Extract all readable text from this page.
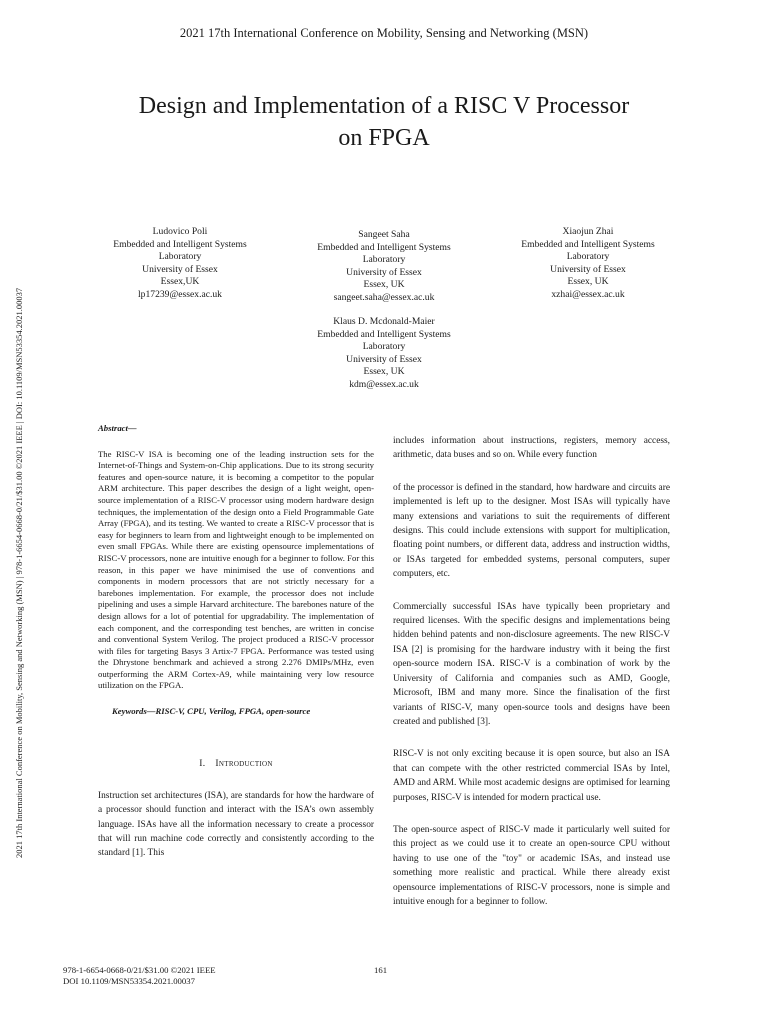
2021 17th International Conference on Mobility, Sensing and Networking (MSN)
Design and Implementation of a RISC V Processor
on FPGA
2021 17th International Conference on Mobility, Sensing and Networking (MSN) | 978-1-6654-0668-0/21/$31.00 ©2021 IEEE | DOI: 10.1109/MSN53354.2021.00037
Ludovico Poli
Embedded and Intelligent Systems
Laboratory
University of Essex
Essex,UK
lp17239@essex.ac.uk
Sangeet Saha
Embedded and Intelligent Systems
Laboratory
University of Essex
Essex, UK
sangeet.saha@essex.ac.uk
Xiaojun Zhai
Embedded and Intelligent Systems
Laboratory
University of Essex
Essex, UK
xzhai@essex.ac.uk
Klaus D. Mcdonald-Maier
Embedded and Intelligent Systems
Laboratory
University of Essex
Essex, UK
kdm@essex.ac.uk

Abstract—

The RISC-V ISA is becoming one of the leading instruction sets for the Internet-of-Things and System-on-Chip applications. Due to its strong security features and open-source nature, it is becoming a competitor to the popular ARM architecture. This paper describes the design of a light weight, open-source implementation of a RISC-V processor using modern hardware design techniques, the implementation of the design onto a Field Programmable Gate Array (FPGA), and its testing. We wanted to create a RISC-V processor that is easy for beginners to learn from and lightweight enough to be implemented on even small FPGAs. While there are existing opensource implementations of RISC-V processors, none are intuitive enough for a beginner to follow. For this reason, in this paper we have minimised the use of conventions and components in modern processors that are not strictly necessary for a barebones implementation. For example, the processor does not include pipelining and uses a simple Harvard architecture. The barebones nature of the design allows for a lot of potential for upgradability. The implementation of each component, and the corresponding test benches, are written in concise and conventional System Verilog. The project produced a RISC-V processor with files for targeting Basys 3 Artix-7 FPGA. Performance was tested using the Dhrystone benchmark and achieved a strong 2.276 DMIPs/MHz, even outperforming the ARM Cortex-A9, while maintaining very low resource utilization on the FPGA.

Keywords—RISC-V, CPU, Verilog, FPGA, open-source

I. Introduction

Instruction set architectures (ISA), are standards for how the hardware of a processor should function and interact with the ISA’s own assembly language. ISAs have all the information necessary to create a processor that will run machine code correctly and consistently according to the standard [1]. This

includes information about instructions, registers, memory access, arithmetic, data buses and so on. While every function

of the processor is defined in the standard, how hardware and circuits are implemented is left up to the designer. Most ISAs will typically have many extensions and variations to suit the requirements of different designs. This could include extensions with support for multiplication, floating point numbers, or different data, address and instruction widths, or ISAs targeted for embedded systems, personal computers, super computers, etc.

Commercially successful ISAs have typically been proprietary and required licenses. With the specific designs and implementations being hidden behind patents and non-disclosure agreements. The new RISC-V ISA [2] is promising for the hardware industry with it being the first open-source modern ISA. RISC-V is a combination of work by the University of California and companies such as AMD, Google, Microsoft, IBM and many more. Since the finalisation of the first variants of RISC-V, many open-source tools and designs have been created and published [3].

RISC-V is not only exciting because it is open source, but also an ISA that can compete with the other restricted commercial ISAs by Intel, AMD and ARM. While most academic designs are optimised for learning purposes, RISC-V is intended for modern practical use.

The open-source aspect of RISC-V made it particularly well suited for this project as we could use it to create an open-source CPU without having to use one of the "toy" or academic ISAs, and instead use something more realistic and practical. While there already exist opensource implementations of RISC-V processors, none is simple and intuitive enough for a beginner to follow.

978-1-6654-0668-0/21/$31.00 ©2021 IEEE
DOI 10.1109/MSN53354.2021.00037
161
